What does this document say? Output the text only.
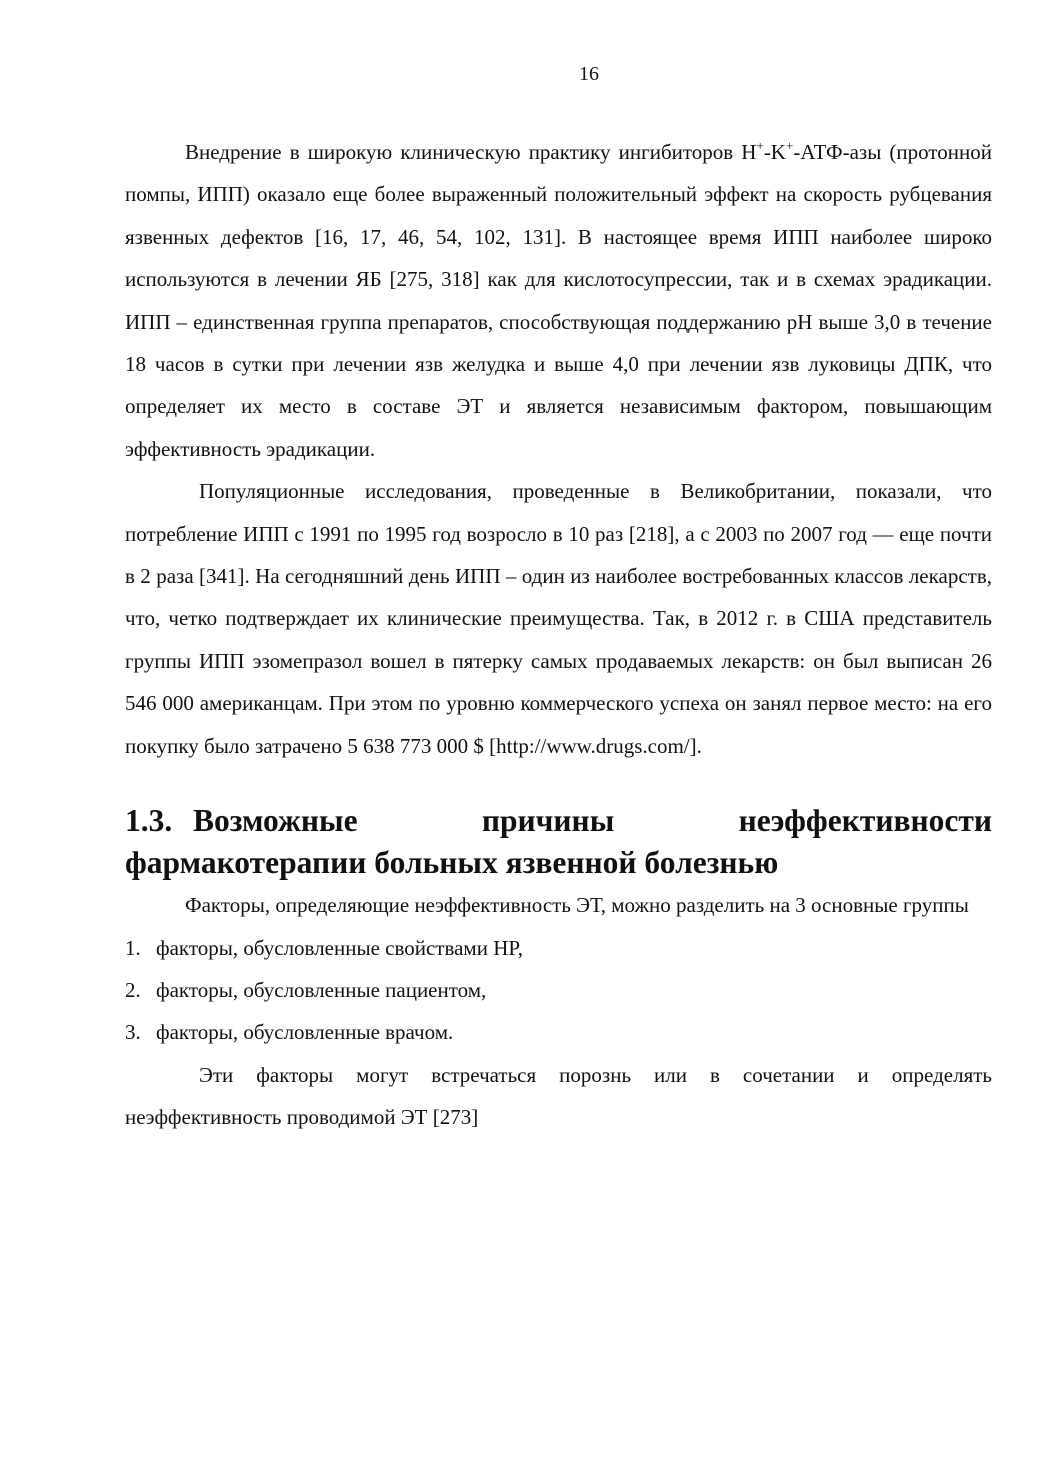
16

Внедрение в широкую клиническую практику ингибиторов H+-K+-АТФ-азы (протонной помпы, ИПП) оказало еще более выраженный положительный эффект на скорость рубцевания язвенных дефектов [16, 17, 46, 54, 102, 131]. В настоящее время ИПП наиболее широко используются в лечении ЯБ [275, 318] как для кислотосупрессии, так и в схемах эрадикации. ИПП – единственная группа препаратов, способствующая поддержанию pH выше 3,0 в течение 18 часов в сутки при лечении язв желудка и выше 4,0 при лечении язв луковицы ДПК, что определяет их место в составе ЭТ и является независимым фактором, повышающим эффективность эрадикации.

Популяционные исследования, проведенные в Великобритании, показали, что потребление ИПП с 1991 по 1995 год возросло в 10 раз [218], а с 2003 по 2007 год — еще почти в 2 раза [341]. На сегодняшний день ИПП – один из наиболее востребованных классов лекарств, что, четко подтверждает их клинические преимущества. Так, в 2012 г. в США представитель группы ИПП эзомепразол вошел в пятерку самых продаваемых лекарств: он был выписан 26 546 000 американцам. При этом по уровню коммерческого успеха он занял первое место: на его покупку было затрачено 5 638 773 000 $ [http://www.drugs.com/].

1.3. Возможные причины неэффективности фармакотерапии больных язвенной болезнью

Факторы, определяющие неэффективность ЭТ, можно разделить на 3 основные группы

1. факторы, обусловленные свойствами HP,
2. факторы, обусловленные пациентом,
3. факторы, обусловленные врачом.

Эти факторы могут встречаться порознь или в сочетании и определять неэффективность проводимой ЭТ [273]
